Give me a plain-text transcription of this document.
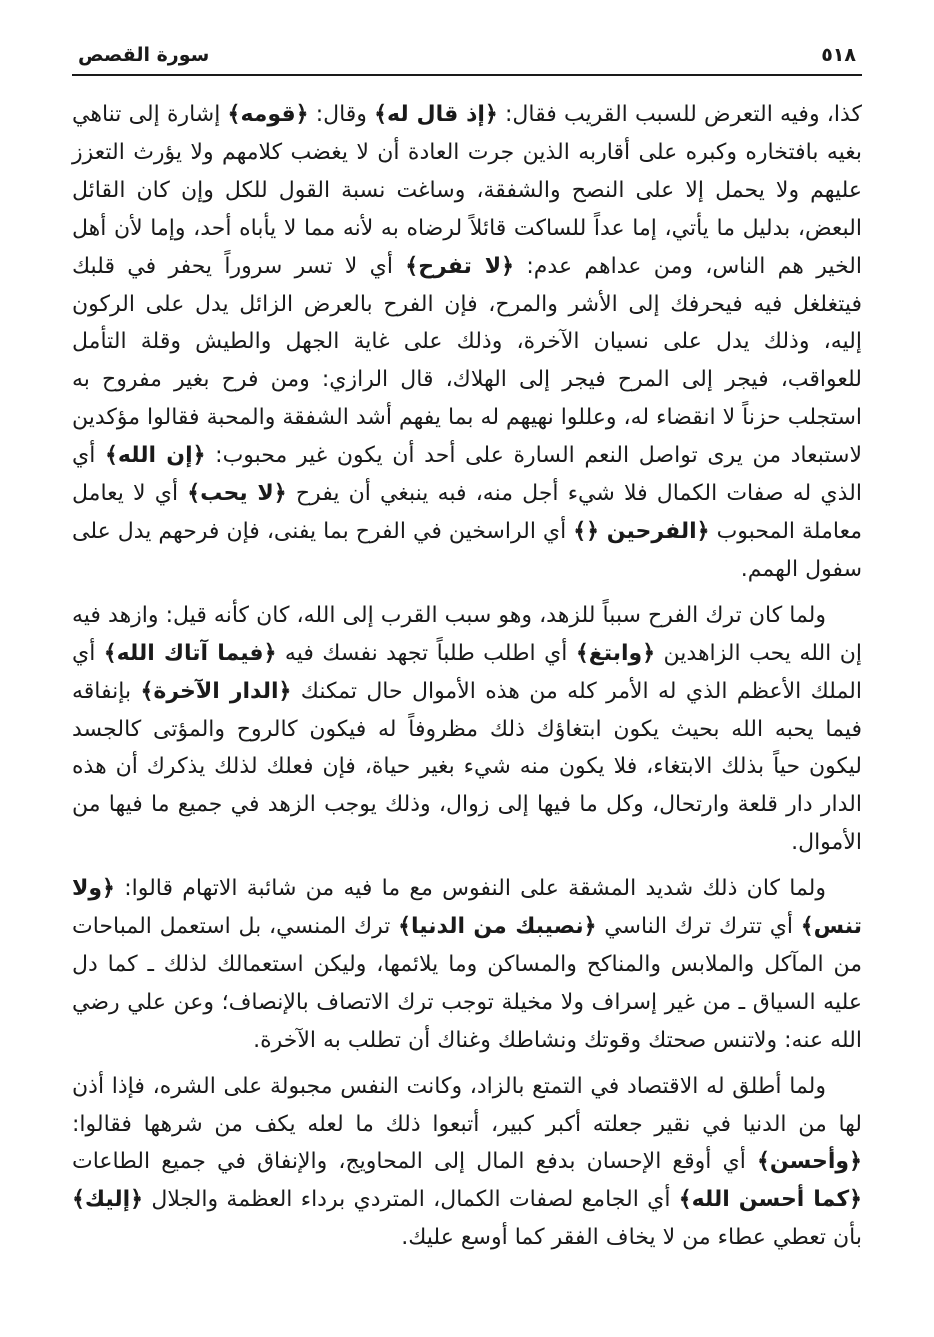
٥١٨
سورة القصص

كذا، وفيه التعرض للسبب القريب فقال: ﴿إذ قال له﴾ وقال: ﴿قومه﴾ إشارة إلى تناهي بغيه بافتخاره وكبره على أقاربه الذين جرت العادة أن لا يغضب كلامهم ولا يؤرث التعزز عليهم ولا يحمل إلا على النصح والشفقة، وساغت نسبة القول للكل وإن كان القائل البعض، بدليل ما يأتي، إما عداً للساكت قائلاً لرضاه به لأنه مما لا يأباه أحد، وإما لأن أهل الخير هم الناس، ومن عداهم عدم: ﴿لا تفرح﴾ أي لا تسر سروراً يحفر في قلبك فيتغلغل فيه فيحرفك إلى الأشر والمرح، فإن الفرح بالعرض الزائل يدل على الركون إليه، وذلك يدل على نسيان الآخرة، وذلك على غاية الجهل والطيش وقلة التأمل للعواقب، فيجر إلى المرح فيجر إلى الهلاك، قال الرازي: ومن فرح بغير مفروح به استجلب حزناً لا انقضاء له، وعللوا نهيهم له بما يفهم أشد الشفقة والمحبة فقالوا مؤكدين لاستبعاد من يرى تواصل النعم السارة على أحد أن يكون غير محبوب: ﴿إن الله﴾ أي الذي له صفات الكمال فلا شيء أجل منه، فبه ينبغي أن يفرح ﴿لا يحب﴾ أي لا يعامل معاملة المحبوب ﴿الفرحين ﴿﴾ أي الراسخين في الفرح بما يفنى، فإن فرحهم يدل على سفول الهمم.

ولما كان ترك الفرح سبباً للزهد، وهو سبب القرب إلى الله، كان كأنه قيل: وازهد فيه إن الله يحب الزاهدين ﴿وابتغ﴾ أي اطلب طلباً تجهد نفسك فيه ﴿فيما آتاك الله﴾ أي الملك الأعظم الذي له الأمر كله من هذه الأموال حال تمكنك ﴿الدار الآخرة﴾ بإنفاقه فيما يحبه الله بحيث يكون ابتغاؤك ذلك مظروفاً له فيكون كالروح والمؤتى كالجسد ليكون حياً بذلك الابتغاء، فلا يكون منه شيء بغير حياة، فإن فعلك لذلك يذكرك أن هذه الدار دار قلعة وارتحال، وكل ما فيها إلى زوال، وذلك يوجب الزهد في جميع ما فيها من الأموال.

ولما كان ذلك شديد المشقة على النفوس مع ما فيه من شائبة الاتهام قالوا: ﴿ولا تنس﴾ أي تترك ترك الناسي ﴿نصيبك من الدنيا﴾ ترك المنسي، بل استعمل المباحات من المآكل والملابس والمناكح والمساكن وما يلائمها، وليكن استعمالك لذلك ـ كما دل عليه السياق ـ من غير إسراف ولا مخيلة توجب ترك الاتصاف بالإنصاف؛ وعن علي رضي الله عنه: ولاتنس صحتك وقوتك ونشاطك وغناك أن تطلب به الآخرة.

ولما أطلق له الاقتصاد في التمتع بالزاد، وكانت النفس مجبولة على الشره، فإذا أذن لها من الدنيا في نقير جعلته أكبر كبير، أتبعوا ذلك ما لعله يكف من شرهها فقالوا: ﴿وأحسن﴾ أي أوقع الإحسان بدفع المال إلى المحاويج، والإنفاق في جميع الطاعات ﴿كما أحسن الله﴾ أي الجامع لصفات الكمال، المتردي برداء العظمة والجلال ﴿إليك﴾ بأن تعطي عطاء من لا يخاف الفقر كما أوسع عليك.
